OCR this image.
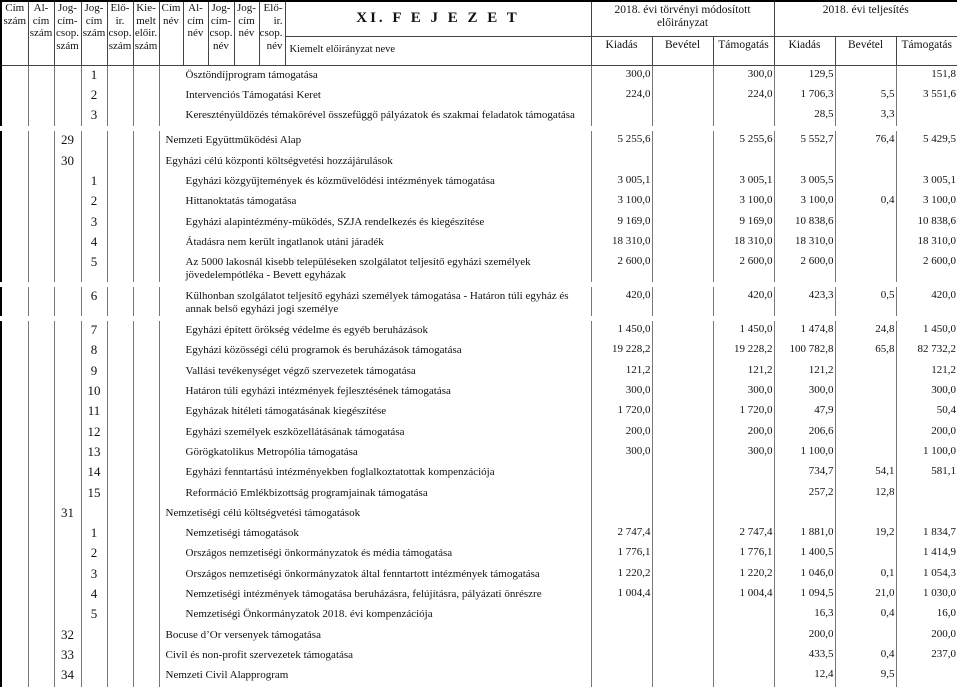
Cím szám	Al-cím szám	Jog-cím-csop. szám	Jog-cím szám	Elő-ir. csop. szám	Kie-melt előir. szám	Cím név	Al-cím név	Jog-cím-csop. név	Jog-cím név	Elő-ir. csop. név	XI. F E J E Z E T	2018. évi törvényi módosított előirányzat			2018. évi teljesítés		
											Kiemelt előirányzat neve	Kiadás	Bevétel	Támogatás	Kiadás	Bevétel	Támogatás
			1			Ösztöndíjprogram támogatása						300,0		300,0	129,5		151,8
			2			Intervenciós Támogatási Keret						224,0		224,0	1 706,3	5,5	3 551,6
			3			Keresztényüldözés témakörével összefüggő pályázatok és szakmai feladatok támogatása									28,5	3,3	

		29				Nemzeti Együttműködési Alap						5 255,6		5 255,6	5 552,7	76,4	5 429,5
		30				Egyházi célú központi költségvetési hozzájárulások											
			1			Egyházi közgyűjtemények és közművelődési intézmények támogatása						3 005,1		3 005,1	3 005,5		3 005,1
			2			Hittanoktatás támogatása						3 100,0		3 100,0	3 100,0	0,4	3 100,0
			3			Egyházi alapintézmény-működés, SZJA rendelkezés és kiegészítése						9 169,0		9 169,0	10 838,6		10 838,6
			4			Átadásra nem került ingatlanok utáni járadék						18 310,0		18 310,0	18 310,0		18 310,0
			5			Az 5000 lakosnál kisebb településeken szolgálatot teljesítő egyházi személyek jövedelempótléka - Bevett egyházak						2 600,0		2 600,0	2 600,0		2 600,0

			6			Külhonban szolgálatot teljesítő egyházi személyek támogatása - Határon túli egyház és annak belső egyházi jogi személye						420,0		420,0	423,3	0,5	420,0

			7			Egyházi épített örökség védelme és egyéb beruházások						1 450,0		1 450,0	1 474,8	24,8	1 450,0
			8			Egyházi közösségi célú programok és beruházások támogatása						19 228,2		19 228,2	100 782,8	65,8	82 732,2
			9			Vallási tevékenységet végző szervezetek támogatása						121,2		121,2	121,2		121,2
			10			Határon túli egyházi intézmények fejlesztésének támogatása						300,0		300,0	300,0		300,0
			11			Egyházak hitéleti támogatásának kiegészítése						1 720,0		1 720,0	47,9		50,4
			12			Egyházi személyek eszközellátásának támogatása						200,0		200,0	206,6		200,0
			13			Görögkatolikus Metropólia támogatása						300,0		300,0	1 100,0		1 100,0
			14			Egyházi fenntartású intézményekben foglalkoztatottak kompenzációja									734,7	54,1	581,1
			15			Reformáció Emlékbizottság programjainak támogatása									257,2	12,8	
		31				Nemzetiségi célú költségvetési támogatások											
			1			Nemzetiségi támogatások						2 747,4		2 747,4	1 881,0	19,2	1 834,7
			2			Országos nemzetiségi önkormányzatok és média támogatása						1 776,1		1 776,1	1 400,5		1 414,9
			3			Országos nemzetiségi önkormányzatok által fenntartott intézmények támogatása						1 220,2		1 220,2	1 046,0	0,1	1 054,3
			4			Nemzetiségi intézmények támogatása beruházásra, felújításra, pályázati önrészre						1 004,4		1 004,4	1 094,5	21,0	1 030,0
			5			Nemzetiségi Önkormányzatok 2018. évi kompenzációja									16,3	0,4	16,0
		32				Bocuse d’Or versenyek támogatása									200,0		200,0
		33				Civil és non-profit szervezetek támogatása									433,5	0,4	237,0
		34				Nemzeti Civil Alapprogram									12,4	9,5	
